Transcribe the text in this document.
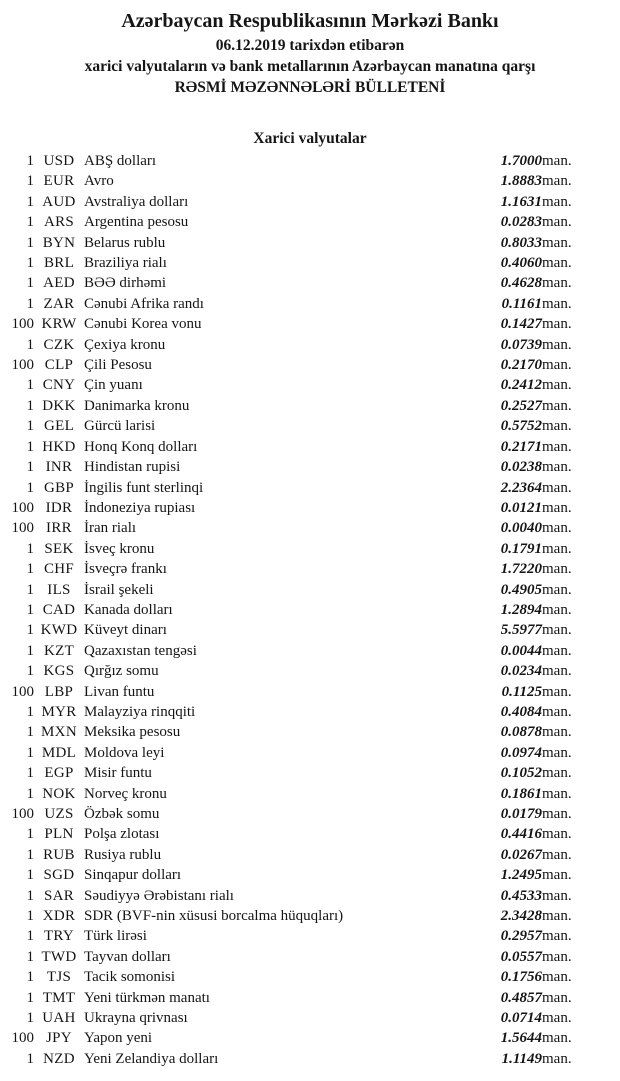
Azərbaycan Respublikasının Mərkəzi Bankı
06.12.2019 tarixdən etibarən
xarici valyutaların və bank metallarının Azərbaycan manatına qarşı
RƏSMİ MƏZƏNNƏLƏRİ BÜLLETENİ
Xarici valyutalar
1	USD	ABŞ dolları	1.7000	man.
1	EUR	Avro	1.8883	man.
1	AUD	Avstraliya dolları	1.1631	man.
1	ARS	Argentina pesosu	0.0283	man.
1	BYN	Belarus rublu	0.8033	man.
1	BRL	Braziliya rialı	0.4060	man.
1	AED	BƏƏ dirhəmi	0.4628	man.
1	ZAR	Cənubi Afrika randı	0.1161	man.
100	KRW	Cənubi Korea vonu	0.1427	man.
1	CZK	Çexiya kronu	0.0739	man.
100	CLP	Çili Pesosu	0.2170	man.
1	CNY	Çin yuanı	0.2412	man.
1	DKK	Danimarka kronu	0.2527	man.
1	GEL	Gürcü larisi	0.5752	man.
1	HKD	Honq Konq dolları	0.2171	man.
1	INR	Hindistan rupisi	0.0238	man.
1	GBP	İngilis funt sterlinqi	2.2364	man.
100	IDR	İndoneziya rupiası	0.0121	man.
100	IRR	İran rialı	0.0040	man.
1	SEK	İsveç kronu	0.1791	man.
1	CHF	İsveçrə frankı	1.7220	man.
1	ILS	İsrail şekeli	0.4905	man.
1	CAD	Kanada dolları	1.2894	man.
1	KWD	Küveyt dinarı	5.5977	man.
1	KZT	Qazaxıstan tengəsi	0.0044	man.
1	KGS	Qırğız somu	0.0234	man.
100	LBP	Livan funtu	0.1125	man.
1	MYR	Malayziya rinqqiti	0.4084	man.
1	MXN	Meksika pesosu	0.0878	man.
1	MDL	Moldova leyi	0.0974	man.
1	EGP	Misir funtu	0.1052	man.
1	NOK	Norveç kronu	0.1861	man.
100	UZS	Özbək somu	0.0179	man.
1	PLN	Polşa zlotası	0.4416	man.
1	RUB	Rusiya rublu	0.0267	man.
1	SGD	Sinqapur dolları	1.2495	man.
1	SAR	Səudiyyə Ərəbistanı rialı	0.4533	man.
1	XDR	SDR (BVF-nin xüsusi borcalma hüquqları)	2.3428	man.
1	TRY	Türk lirəsi	0.2957	man.
1	TWD	Tayvan dolları	0.0557	man.
1	TJS	Tacik somonisi	0.1756	man.
1	TMT	Yeni türkmən manatı	0.4857	man.
1	UAH	Ukrayna qrivnası	0.0714	man.
100	JPY	Yapon yeni	1.5644	man.
1	NZD	Yeni Zelandiya dolları	1.1149	man.
